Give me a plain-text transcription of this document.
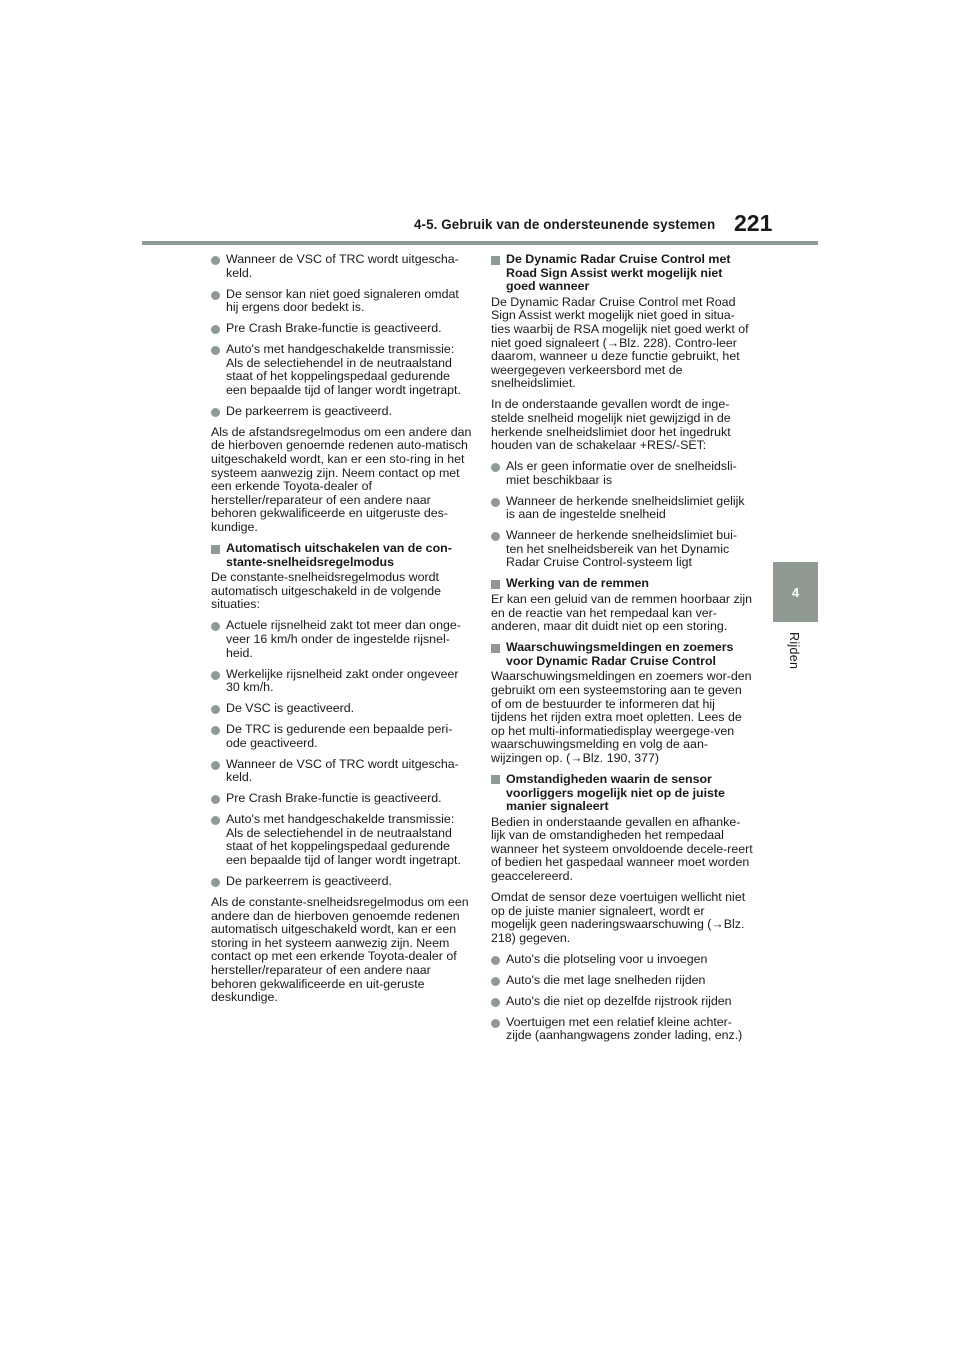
4-5. Gebruik van de ondersteunende systemen 221
4
Rijden
Wanneer de VSC of TRC wordt uitgescha-keld.
De sensor kan niet goed signaleren omdat hij ergens door bedekt is.
Pre Crash Brake-functie is geactiveerd.
Auto's met handgeschakelde transmissie: Als de selectiehendel in de neutraalstand staat of het koppelingspedaal gedurende een bepaalde tijd of langer wordt ingetrapt.
De parkeerrem is geactiveerd.
Als de afstandsregelmodus om een andere dan de hierboven genoemde redenen auto-matisch uitgeschakeld wordt, kan er een sto-ring in het systeem aanwezig zijn. Neem contact op met een erkende Toyota-dealer of hersteller/reparateur of een andere naar behoren gekwalificeerde en uitgeruste des-kundige.
Automatisch uitschakelen van de con-stante-snelheidsregelmodus
De constante-snelheidsregelmodus wordt automatisch uitgeschakeld in de volgende situaties:
Actuele rijsnelheid zakt tot meer dan onge-veer 16 km/h onder de ingestelde rijsnel-heid.
Werkelijke rijsnelheid zakt onder ongeveer 30 km/h.
De VSC is geactiveerd.
De TRC is gedurende een bepaalde peri-ode geactiveerd.
Wanneer de VSC of TRC wordt uitgescha-keld.
Pre Crash Brake-functie is geactiveerd.
Auto's met handgeschakelde transmissie: Als de selectiehendel in de neutraalstand staat of het koppelingspedaal gedurende een bepaalde tijd of langer wordt ingetrapt.
De parkeerrem is geactiveerd.
Als de constante-snelheidsregelmodus om een andere dan de hierboven genoemde redenen automatisch uitgeschakeld wordt, kan er een storing in het systeem aanwezig zijn. Neem contact op met een erkende Toyota-dealer of hersteller/reparateur of een andere naar behoren gekwalificeerde en uit-geruste deskundige.
De Dynamic Radar Cruise Control met Road Sign Assist werkt mogelijk niet goed wanneer
De Dynamic Radar Cruise Control met Road Sign Assist werkt mogelijk niet goed in situa-ties waarbij de RSA mogelijk niet goed werkt of niet goed signaleert (→Blz. 228). Contro-leer daarom, wanneer u deze functie gebruikt, het weergegeven verkeersbord met de snelheidslimiet.
In de onderstaande gevallen wordt de inge-stelde snelheid mogelijk niet gewijzigd in de herkende snelheidslimiet door het ingedrukt houden van de schakelaar +RES/-SET:
Als er geen informatie over de snelheidsli-miet beschikbaar is
Wanneer de herkende snelheidslimiet gelijk is aan de ingestelde snelheid
Wanneer de herkende snelheidslimiet bui-ten het snelheidsbereik van het Dynamic Radar Cruise Control-systeem ligt
Werking van de remmen
Er kan een geluid van de remmen hoorbaar zijn en de reactie van het rempedaal kan ver-anderen, maar dit duidt niet op een storing.
Waarschuwingsmeldingen en zoemers voor Dynamic Radar Cruise Control
Waarschuwingsmeldingen en zoemers wor-den gebruikt om een systeemstoring aan te geven of om de bestuurder te informeren dat hij tijdens het rijden extra moet opletten. Lees de op het multi-informatiedisplay weergege-ven waarschuwingsmelding en volg de aan-wijzingen op. (→Blz. 190, 377)
Omstandigheden waarin de sensor voorliggers mogelijk niet op de juiste manier signaleert
Bedien in onderstaande gevallen en afhanke-lijk van de omstandigheden het rempedaal wanneer het systeem onvoldoende decele-reert of bedien het gaspedaal wanneer moet worden geaccelereerd.
Omdat de sensor deze voertuigen wellicht niet op de juiste manier signaleert, wordt er mogelijk geen naderingswaarschuwing (→Blz. 218) gegeven.
Auto's die plotseling voor u invoegen
Auto's die met lage snelheden rijden
Auto's die niet op dezelfde rijstrook rijden
Voertuigen met een relatief kleine achter-zijde (aanhangwagens zonder lading, enz.)
